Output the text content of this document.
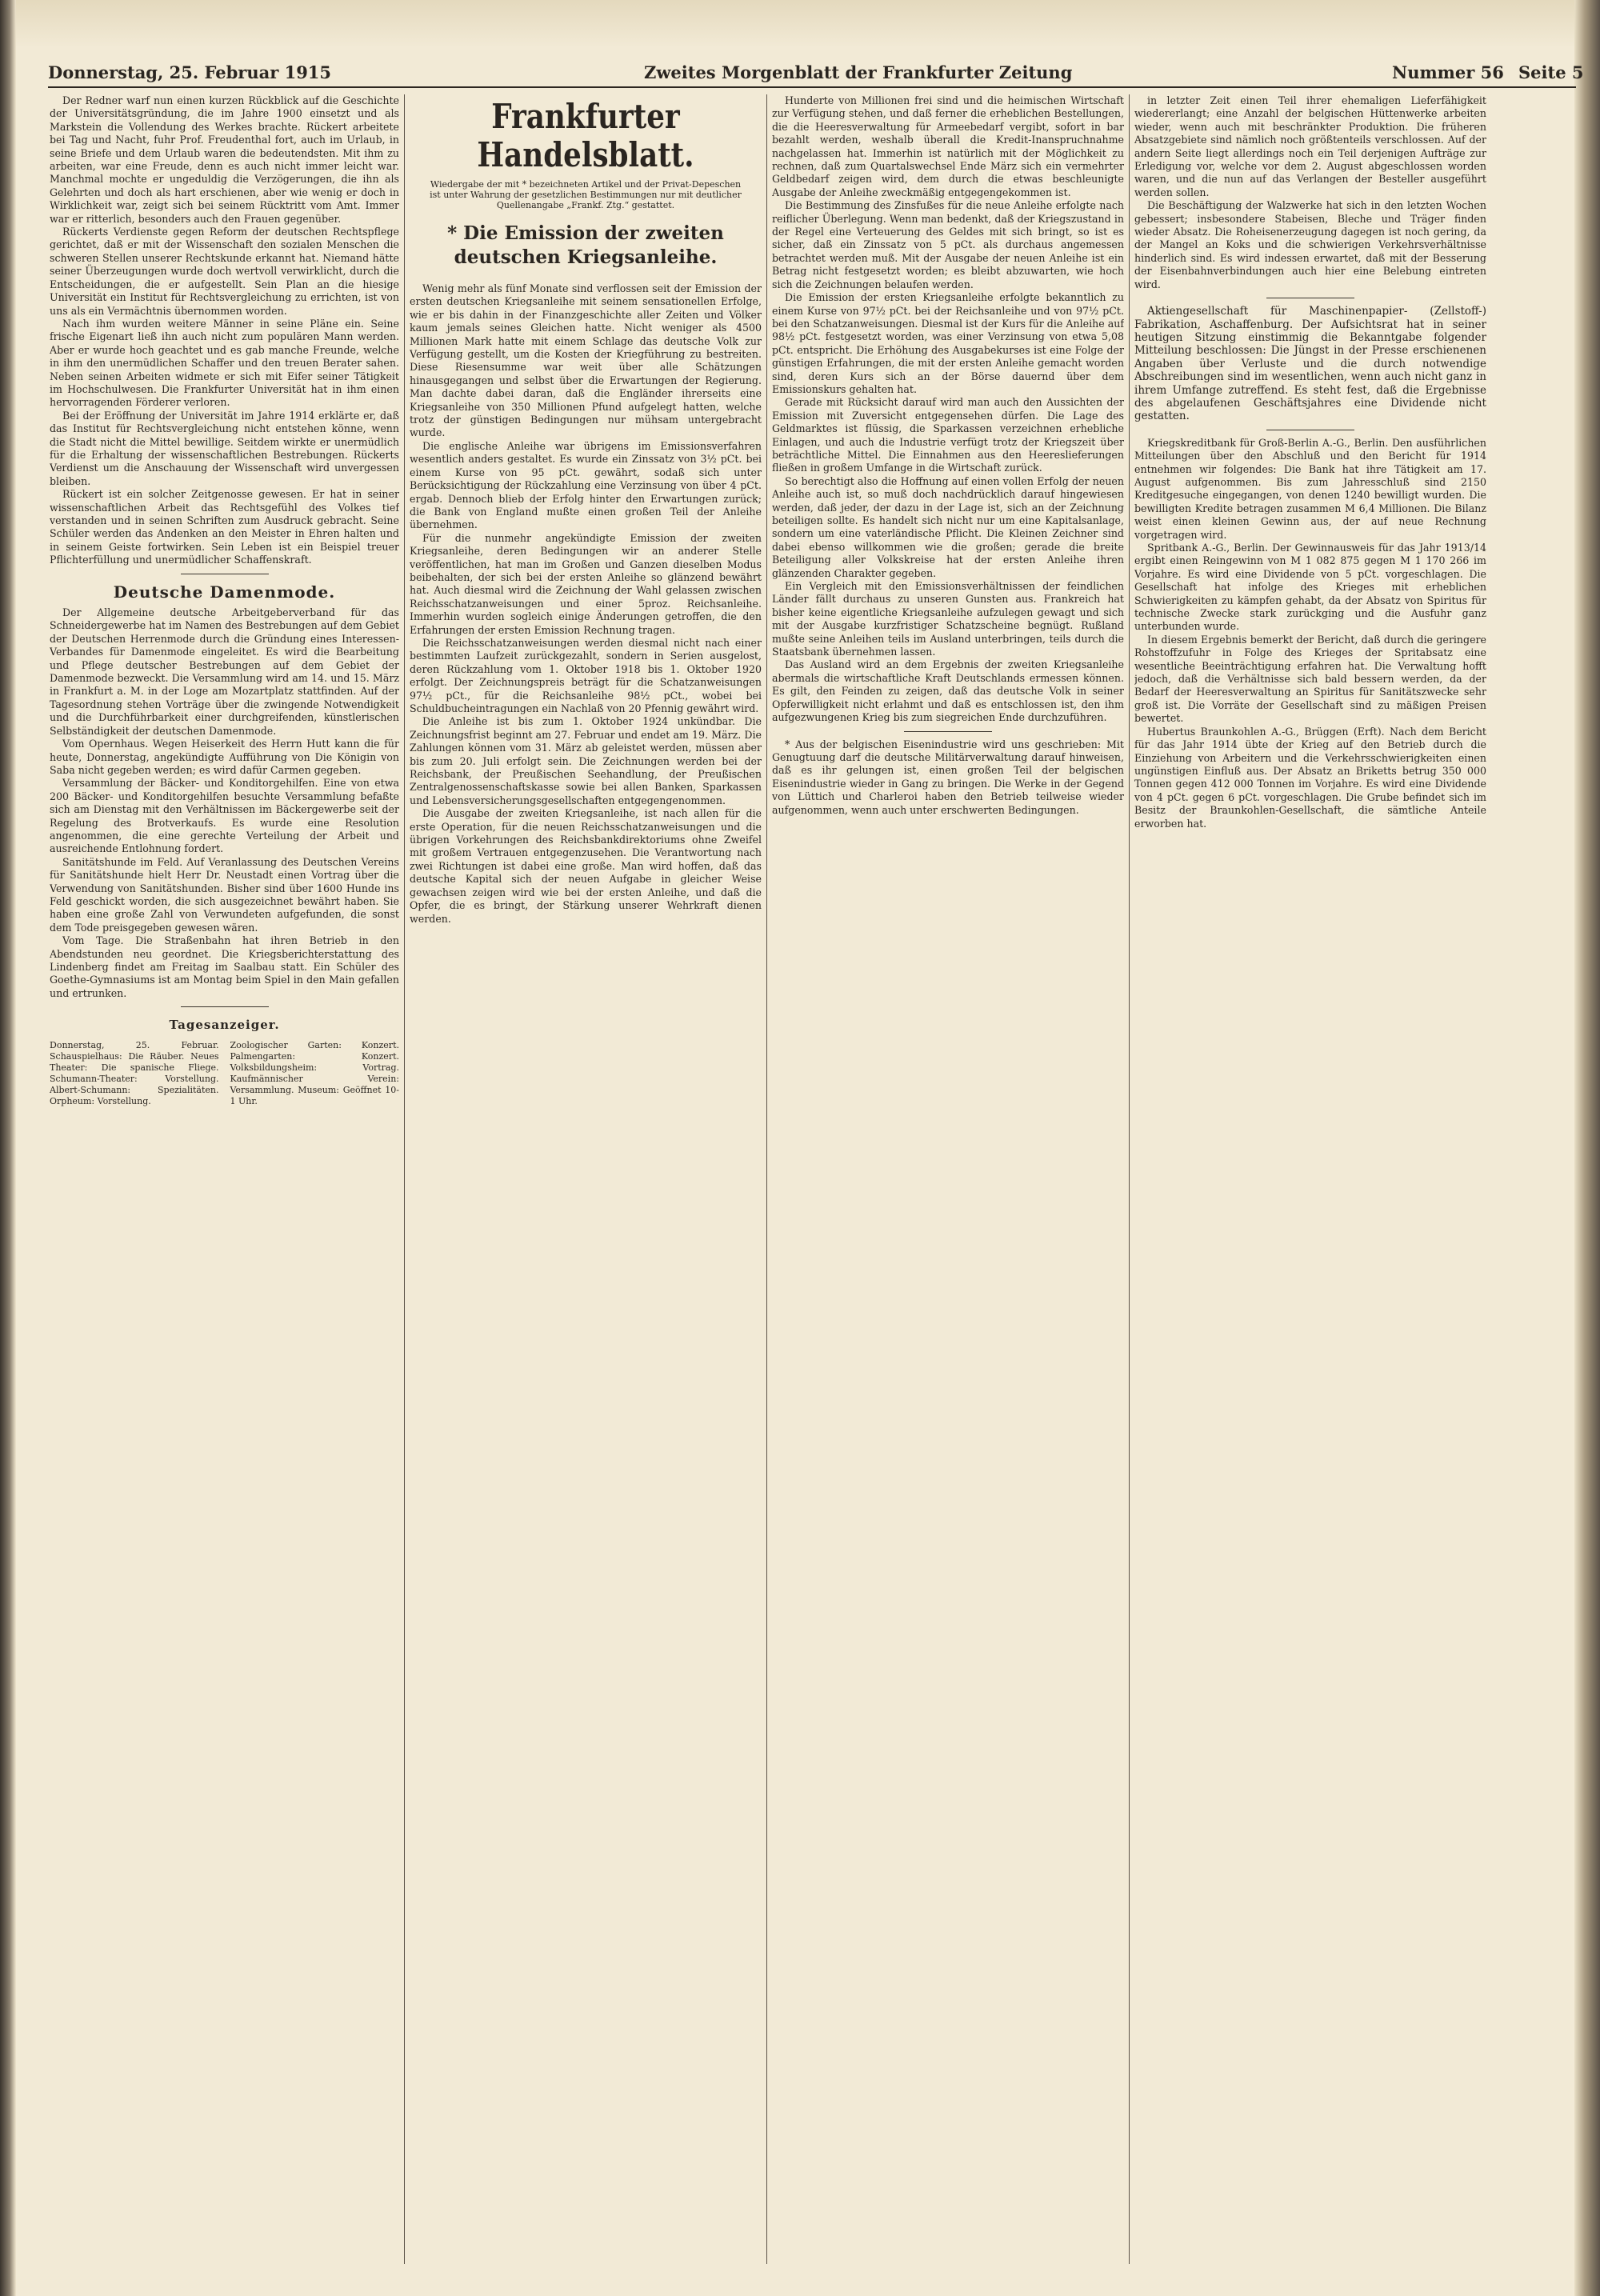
Donnerstag, 25. Februar 1915	Zweites Morgenblatt der Frankfurter Zeitung	Nummer 56 Seite 5

Der Redner warf nun einen kurzen Rückblick auf die Geschichte der Universitätsgründung, die im Jahre 1900 einsetzt und als Markstein die Vollendung des Werkes brachte. Rückert arbeitete bei Tag und Nacht, fuhr Prof. Freudenthal fort, auch im Urlaub, in seine Briefe und dem Urlaub waren die bedeutendsten. Mit ihm zu arbeiten, war eine Freude, denn es auch nicht immer leicht war. Manchmal mochte er ungeduldig die Verzögerungen, die ihn als Gelehrten und doch als hart erschienen, aber wie wenig er doch in Wirklichkeit war, zeigt sich bei seinem Rücktritt vom Amt. Immer war er ritterlich, besonders auch den Frauen gegenüber.

Rückerts Verdienste gegen Reform der deutschen Rechtspflege gerichtet, daß er mit der Wissenschaft den sozialen Menschen die schweren Stellen unserer Rechtskunde erkannt hat. Niemand hätte seiner Überzeugungen wurde doch wertvoll verwirklicht, durch die Entscheidungen, die er aufgestellt. Sein Plan an die hiesige Universität ein Institut für Rechtsvergleichung zu errichten, ist von uns als ein Vermächtnis übernommen worden.

Nach ihm wurden weitere Männer in seine Pläne ein. Seine frische Eigenart ließ ihn auch nicht zum populären Mann werden. Aber er wurde hoch geachtet und es gab manche Freunde, welche in ihm den unermüdlichen Schaffer und den treuen Berater sahen. Neben seinen Arbeiten widmete er sich mit Eifer seiner Tätigkeit im Hochschulwesen. Die Frankfurter Universität hat in ihm einen hervorragenden Förderer verloren.

Bei der Eröffnung der Universität im Jahre 1914 erklärte er, daß das Institut für Rechtsvergleichung nicht entstehen könne, wenn die Stadt nicht die Mittel bewillige. Seitdem wirkte er unermüdlich für die Erhaltung der wissenschaftlichen Bestrebungen. Rückerts Verdienst um die Anschauung der Wissenschaft wird unvergessen bleiben.

Rückert ist ein solcher Zeitgenosse gewesen. Er hat in seiner wissenschaftlichen Arbeit das Rechtsgefühl des Volkes tief verstanden und in seinen Schriften zum Ausdruck gebracht. Seine Schüler werden das Andenken an den Meister in Ehren halten und in seinem Geiste fortwirken. Sein Leben ist ein Beispiel treuer Pflichterfüllung und unermüdlicher Schaffenskraft.

Deutsche Damenmode.

Der Allgemeine deutsche Arbeitgeberverband für das Schneidergewerbe hat im Namen des Bestrebungen auf dem Gebiet der Deutschen Herrenmode durch die Gründung eines Interessen-Verbandes für Damenmode eingeleitet. Es wird die Bearbeitung und Pflege deutscher Bestrebungen auf dem Gebiet der Damenmode bezweckt. Die Versammlung wird am 14. und 15. März in Frankfurt a. M. in der Loge am Mozartplatz stattfinden. Auf der Tagesordnung stehen Vorträge über die zwingende Notwendigkeit und die Durchführbarkeit einer durchgreifenden, künstlerischen Selbständigkeit der deutschen Damenmode.

Vom Opernhaus. Wegen Heiserkeit des Herrn Hutt kann die für heute, Donnerstag, angekündigte Aufführung von Die Königin von Saba nicht gegeben werden; es wird dafür Carmen gegeben.

Versammlung der Bäcker- und Konditorgehilfen. Eine von etwa 200 Bäcker- und Konditorgehilfen besuchte Versammlung befaßte sich am Dienstag mit den Verhältnissen im Bäckergewerbe seit der Regelung des Brotverkaufs. Es wurde eine Resolution angenommen, die eine gerechte Verteilung der Arbeit und ausreichende Entlohnung fordert.

Sanitätshunde im Feld. Auf Veranlassung des Deutschen Vereins für Sanitätshunde hielt Herr Dr. Neustadt einen Vortrag über die Verwendung von Sanitätshunden. Bisher sind über 1600 Hunde ins Feld geschickt worden, die sich ausgezeichnet bewährt haben. Sie haben eine große Zahl von Verwundeten aufgefunden, die sonst dem Tode preisgegeben gewesen wären.

Vom Tage. Die Straßenbahn hat ihren Betrieb in den Abendstunden neu geordnet. Die Kriegsberichterstattung des Lindenberg findet am Freitag im Saalbau statt. Ein Schüler des Goethe-Gymnasiums ist am Montag beim Spiel in den Main gefallen und ertrunken.

Tagesanzeiger.
Donnerstag, 25. Februar. Schauspielhaus: Die Räuber. Neues Theater: Die spanische Fliege. Schumann-Theater: Vorstellung. Albert-Schumann: Spezialitäten. Orpheum: Vorstellung.
Zoologischer Garten: Konzert. Palmengarten: Konzert. Volksbildungsheim: Vortrag. Kaufmännischer Verein: Versammlung. Museum: Geöffnet 10-1 Uhr.
Frankfurter Handelsblatt.
Wiedergabe der mit * bezeichneten Artikel und der Privat-Depeschen ist unter Wahrung der gesetzlichen Bestimmungen nur mit deutlicher Quellenangabe „Frankf. Ztg.“ gestattet.
* Die Emission der zweiten deutschen Kriegsanleihe.

Wenig mehr als fünf Monate sind verflossen seit der Emission der ersten deutschen Kriegsanleihe mit seinem sensationellen Erfolge, wie er bis dahin in der Finanzgeschichte aller Zeiten und Völker kaum jemals seines Gleichen hatte. Nicht weniger als 4500 Millionen Mark hatte mit einem Schlage das deutsche Volk zur Verfügung gestellt, um die Kosten der Kriegführung zu bestreiten. Diese Riesensumme war weit über alle Schätzungen hinausgegangen und selbst über die Erwartungen der Regierung. Man dachte dabei daran, daß die Engländer ihrerseits eine Kriegsanleihe von 350 Millionen Pfund aufgelegt hatten, welche trotz der günstigen Bedingungen nur mühsam untergebracht wurde.

Die englische Anleihe war übrigens im Emissionsverfahren wesentlich anders gestaltet. Es wurde ein Zinssatz von 3½ pCt. bei einem Kurse von 95 pCt. gewährt, sodaß sich unter Berücksichtigung der Rückzahlung eine Verzinsung von über 4 pCt. ergab. Dennoch blieb der Erfolg hinter den Erwartungen zurück; die Bank von England mußte einen großen Teil der Anleihe übernehmen.

Für die nunmehr angekündigte Emission der zweiten Kriegsanleihe, deren Bedingungen wir an anderer Stelle veröffentlichen, hat man im Großen und Ganzen dieselben Modus beibehalten, der sich bei der ersten Anleihe so glänzend bewährt hat. Auch diesmal wird die Zeichnung der Wahl gelassen zwischen Reichsschatzanweisungen und einer 5proz. Reichsanleihe. Immerhin wurden sogleich einige Änderungen getroffen, die den Erfahrungen der ersten Emission Rechnung tragen.

Die Reichsschatzanweisungen werden diesmal nicht nach einer bestimmten Laufzeit zurückgezahlt, sondern in Serien ausgelost, deren Rückzahlung vom 1. Oktober 1918 bis 1. Oktober 1920 erfolgt. Der Zeichnungspreis beträgt für die Schatzanweisungen 97½ pCt., für die Reichsanleihe 98½ pCt., wobei bei Schuldbucheintragungen ein Nachlaß von 20 Pfennig gewährt wird.

Die Anleihe ist bis zum 1. Oktober 1924 unkündbar. Die Zeichnungsfrist beginnt am 27. Februar und endet am 19. März. Die Zahlungen können vom 31. März ab geleistet werden, müssen aber bis zum 20. Juli erfolgt sein. Die Zeichnungen werden bei der Reichsbank, der Preußischen Seehandlung, der Preußischen Zentralgenossenschaftskasse sowie bei allen Banken, Sparkassen und Lebensversicherungsgesellschaften entgegengenommen.

Die Ausgabe der zweiten Kriegsanleihe, ist nach allen für die erste Operation, für die neuen Reichsschatzanweisungen und die übrigen Vorkehrungen des Reichsbankdirektoriums ohne Zweifel mit großem Vertrauen entgegenzusehen. Die Verantwortung nach zwei Richtungen ist dabei eine große. Man wird hoffen, daß das deutsche Kapital sich der neuen Aufgabe in gleicher Weise gewachsen zeigen wird wie bei der ersten Anleihe, und daß die Opfer, die es bringt, der Stärkung unserer Wehrkraft dienen werden.

Hunderte von Millionen frei sind und die heimischen Wirtschaft zur Verfügung stehen, und daß ferner die erheblichen Bestellungen, die die Heeresverwaltung für Armeebedarf vergibt, sofort in bar bezahlt werden, weshalb überall die Kredit-Inanspruchnahme nachgelassen hat. Immerhin ist natürlich mit der Möglichkeit zu rechnen, daß zum Quartalswechsel Ende März sich ein vermehrter Geldbedarf zeigen wird, dem durch die etwas beschleunigte Ausgabe der Anleihe zweckmäßig entgegengekommen ist.

Die Bestimmung des Zinsfußes für die neue Anleihe erfolgte nach reiflicher Überlegung. Wenn man bedenkt, daß der Kriegszustand in der Regel eine Verteuerung des Geldes mit sich bringt, so ist es sicher, daß ein Zinssatz von 5 pCt. als durchaus angemessen betrachtet werden muß. Mit der Ausgabe der neuen Anleihe ist ein Betrag nicht festgesetzt worden; es bleibt abzuwarten, wie hoch sich die Zeichnungen belaufen werden.

Die Emission der ersten Kriegsanleihe erfolgte bekanntlich zu einem Kurse von 97½ pCt. bei der Reichsanleihe und von 97½ pCt. bei den Schatzanweisungen. Diesmal ist der Kurs für die Anleihe auf 98½ pCt. festgesetzt worden, was einer Verzinsung von etwa 5,08 pCt. entspricht. Die Erhöhung des Ausgabekurses ist eine Folge der günstigen Erfahrungen, die mit der ersten Anleihe gemacht worden sind, deren Kurs sich an der Börse dauernd über dem Emissionskurs gehalten hat.

Gerade mit Rücksicht darauf wird man auch den Aussichten der Emission mit Zuversicht entgegensehen dürfen. Die Lage des Geldmarktes ist flüssig, die Sparkassen verzeichnen erhebliche Einlagen, und auch die Industrie verfügt trotz der Kriegszeit über beträchtliche Mittel. Die Einnahmen aus den Heereslieferungen fließen in großem Umfange in die Wirtschaft zurück.

So berechtigt also die Hoffnung auf einen vollen Erfolg der neuen Anleihe auch ist, so muß doch nachdrücklich darauf hingewiesen werden, daß jeder, der dazu in der Lage ist, sich an der Zeichnung beteiligen sollte. Es handelt sich nicht nur um eine Kapitalsanlage, sondern um eine vaterländische Pflicht. Die Kleinen Zeichner sind dabei ebenso willkommen wie die großen; gerade die breite Beteiligung aller Volkskreise hat der ersten Anleihe ihren glänzenden Charakter gegeben.

Ein Vergleich mit den Emissionsverhältnissen der feindlichen Länder fällt durchaus zu unseren Gunsten aus. Frankreich hat bisher keine eigentliche Kriegsanleihe aufzulegen gewagt und sich mit der Ausgabe kurzfristiger Schatzscheine begnügt. Rußland mußte seine Anleihen teils im Ausland unterbringen, teils durch die Staatsbank übernehmen lassen.

Das Ausland wird an dem Ergebnis der zweiten Kriegsanleihe abermals die wirtschaftliche Kraft Deutschlands ermessen können. Es gilt, den Feinden zu zeigen, daß das deutsche Volk in seiner Opferwilligkeit nicht erlahmt und daß es entschlossen ist, den ihm aufgezwungenen Krieg bis zum siegreichen Ende durchzuführen.

* Aus der belgischen Eisenindustrie wird uns geschrieben: Mit Genugtuung darf die deutsche Militärverwaltung darauf hinweisen, daß es ihr gelungen ist, einen großen Teil der belgischen Eisenindustrie wieder in Gang zu bringen. Die Werke in der Gegend von Lüttich und Charleroi haben den Betrieb teilweise wieder aufgenommen, wenn auch unter erschwerten Bedingungen.

in letzter Zeit einen Teil ihrer ehemaligen Lieferfähigkeit wiedererlangt; eine Anzahl der belgischen Hüttenwerke arbeiten wieder, wenn auch mit beschränkter Produktion. Die früheren Absatzgebiete sind nämlich noch größtenteils verschlossen. Auf der andern Seite liegt allerdings noch ein Teil derjenigen Aufträge zur Erledigung vor, welche vor dem 2. August abgeschlossen worden waren, und die nun auf das Verlangen der Besteller ausgeführt werden sollen.

Die Beschäftigung der Walzwerke hat sich in den letzten Wochen gebessert; insbesondere Stabeisen, Bleche und Träger finden wieder Absatz. Die Roheisenerzeugung dagegen ist noch gering, da der Mangel an Koks und die schwierigen Verkehrsverhältnisse hinderlich sind. Es wird indessen erwartet, daß mit der Besserung der Eisenbahnverbindungen auch hier eine Belebung eintreten wird.

Aktiengesellschaft für Maschinenpapier- (Zellstoff-) Fabrikation, Aschaffenburg. Der Aufsichtsrat hat in seiner heutigen Sitzung einstimmig die Bekanntgabe folgender Mitteilung beschlossen: Die Jüngst in der Presse erschienenen Angaben über Verluste und die durch notwendige Abschreibungen sind im wesentlichen, wenn auch nicht ganz in ihrem Umfange zutreffend. Es steht fest, daß die Ergebnisse des abgelaufenen Geschäftsjahres eine Dividende nicht gestatten.

Kriegskreditbank für Groß-Berlin A.-G., Berlin. Den ausführlichen Mitteilungen über den Abschluß und den Bericht für 1914 entnehmen wir folgendes: Die Bank hat ihre Tätigkeit am 17. August aufgenommen. Bis zum Jahresschluß sind 2150 Kreditgesuche eingegangen, von denen 1240 bewilligt wurden. Die bewilligten Kredite betragen zusammen M 6,4 Millionen. Die Bilanz weist einen kleinen Gewinn aus, der auf neue Rechnung vorgetragen wird.

Spritbank A.-G., Berlin. Der Gewinnausweis für das Jahr 1913/14 ergibt einen Reingewinn von M 1 082 875 gegen M 1 170 266 im Vorjahre. Es wird eine Dividende von 5 pCt. vorgeschlagen. Die Gesellschaft hat infolge des Krieges mit erheblichen Schwierigkeiten zu kämpfen gehabt, da der Absatz von Spiritus für technische Zwecke stark zurückging und die Ausfuhr ganz unterbunden wurde.

In diesem Ergebnis bemerkt der Bericht, daß durch die geringere Rohstoffzufuhr in Folge des Krieges der Spritabsatz eine wesentliche Beeinträchtigung erfahren hat. Die Verwaltung hofft jedoch, daß die Verhältnisse sich bald bessern werden, da der Bedarf der Heeresverwaltung an Spiritus für Sanitätszwecke sehr groß ist. Die Vorräte der Gesellschaft sind zu mäßigen Preisen bewertet.

Hubertus Braunkohlen A.-G., Brüggen (Erft). Nach dem Bericht für das Jahr 1914 übte der Krieg auf den Betrieb durch die Einziehung von Arbeitern und die Verkehrsschwierigkeiten einen ungünstigen Einfluß aus. Der Absatz an Briketts betrug 350 000 Tonnen gegen 412 000 Tonnen im Vorjahre. Es wird eine Dividende von 4 pCt. gegen 6 pCt. vorgeschlagen. Die Grube befindet sich im Besitz der Braunkohlen-Gesellschaft, die sämtliche Anteile erworben hat.
